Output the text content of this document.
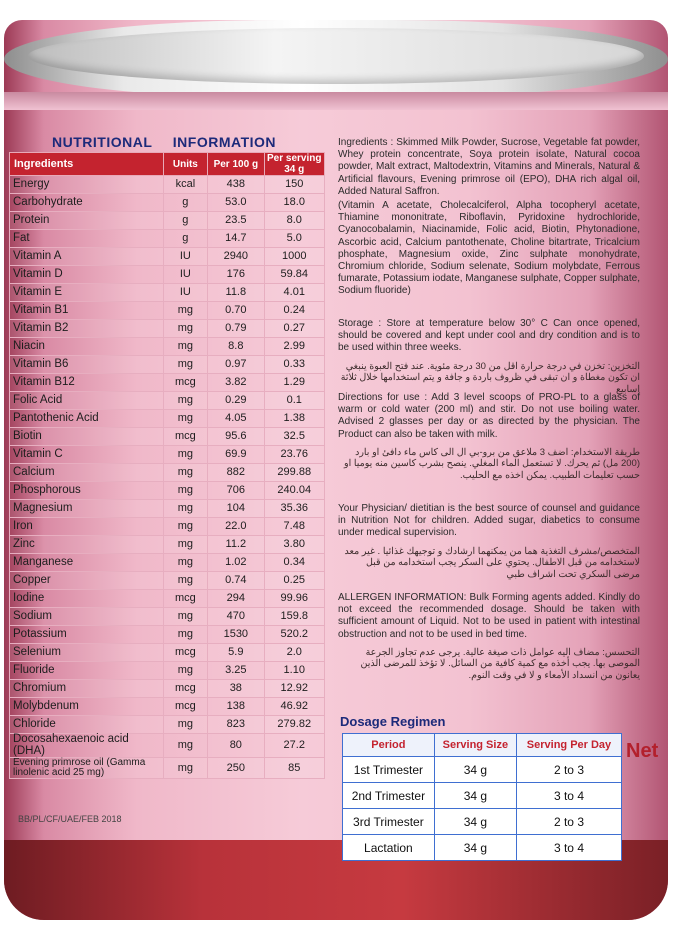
NUTRITIONAL INFORMATION
Ingredients	Units	Per 100 g	Per serving 34 g
Energy	kcal	438	150
Carbohydrate	g	53.0	18.0
Protein	g	23.5	8.0
Fat	g	14.7	5.0
Vitamin A	IU	2940	1000
Vitamin D	IU	176	59.84
Vitamin E	IU	11.8	4.01
Vitamin B1	mg	0.70	0.24
Vitamin B2	mg	0.79	0.27
Niacin	mg	8.8	2.99
Vitamin B6	mg	0.97	0.33
Vitamin B12	mcg	3.82	1.29
Folic Acid	mg	0.29	0.1
Pantothenic Acid	mg	4.05	1.38
Biotin	mcg	95.6	32.5
Vitamin C	mg	69.9	23.76
Calcium	mg	882	299.88
Phosphorous	mg	706	240.04
Magnesium	mg	104	35.36
Iron	mg	22.0	7.48
Zinc	mg	11.2	3.80
Manganese	mg	1.02	0.34
Copper	mg	0.74	0.25
Iodine	mcg	294	99.96
Sodium	mg	470	159.8
Potassium	mg	1530	520.2
Selenium	mcg	5.9	2.0
Fluoride	mg	3.25	1.10
Chromium	mcg	38	12.92
Molybdenum	mcg	138	46.92
Chloride	mg	823	279.82
Docosahexaenoic acid (DHA)	mg	80	27.2
Evening primrose oil (Gamma linolenic acid 25 mg)	mg	250	85
BB/PL/CF/UAE/FEB 2018

Ingredients : Skimmed Milk Powder, Sucrose, Vegetable fat powder, Whey protein concentrate, Soya protein isolate, Natural cocoa powder, Malt extract, Maltodextrin, Vitamins and Minerals, Natural & Artificial flavours, Evening primrose oil (EPO), DHA rich algal oil, Added Natural Saffron.

(Vitamin A acetate, Cholecalciferol, Alpha tocopheryl acetate, Thiamine mononitrate, Riboflavin, Pyridoxine hydrochloride, Cyanocobalamin, Niacinamide, Folic acid, Biotin, Phytonadione, Ascorbic acid, Calcium pantothenate, Choline bitartrate, Tricalcium phosphate, Magnesium oxide, Zinc sulphate monohydrate, Chromium chloride, Sodium selenate, Sodium molybdate, Ferrous fumarate, Potassium iodate, Manganese sulphate, Copper sulphate, Sodium fluoride)

Storage : Store at temperature below 30° C Can once opened, should be covered and kept under cool and dry condition and is to be used within three weeks.

التخزين: تخزن في درجة حرارة اقل من 30 درجة مئوية. عند فتح العبوة ينبغي ان تكون مغطاة و ان تبقى في ظروف باردة و جافة و يتم استخدامها خلال ثلاثة اسابيع

Directions for use : Add 3 level scoops of PRO-PL to a glass of warm or cold water (200 ml) and stir. Do not use boiling water. Advised 2 glasses per day or as directed by the physician. The Product can also be taken with milk.

طريقة الاستخدام: اضف 3 ملاعق من برو-بي ال الى كاس ماء دافئ او بارد (200 مل) ثم يحرك. لا تستعمل الماء المغلي. ينصح بشرب كاسين منه يوميا او حسب تعليمات الطبيب. يمكن اخذه مع الحليب.

Your Physician/ dietitian is the best source of counsel and guidance in Nutrition Not for children. Added sugar, diabetics to consume under medical supervision.

المتخصص/مشرف التغذية هما من يمكنهما ارشادك و توجيهك غذائيا . غير معد لاستخدامه من قبل الاطفال. يحتوي على السكر يجب استخدامه من قبل مرضى السكري تحت اشراف طبي

ALLERGEN INFORMATION: Bulk Forming agents added. Kindly do not exceed the recommended dosage. Should be taken with sufficient amount of Liquid. Not to be used in patient with intestinal obstruction and not to be used in bed time.

التحسس: مضاف اليه عوامل ذات صيغة عالية. يرجى عدم تجاوز الجرعة الموصى بها. يجب أخذه مع كمية كافية من السائل. لا تؤخذ للمرضى الذين يعانون من انسداد الأمعاء و لا في وقت النوم.

Dosage Regimen
Period	Serving Size	Serving Per Day
1st Trimester	34 g	2 to 3
2nd Trimester	34 g	3 to 4
3rd Trimester	34 g	2 to 3
Lactation	34 g	3 to 4
Net
